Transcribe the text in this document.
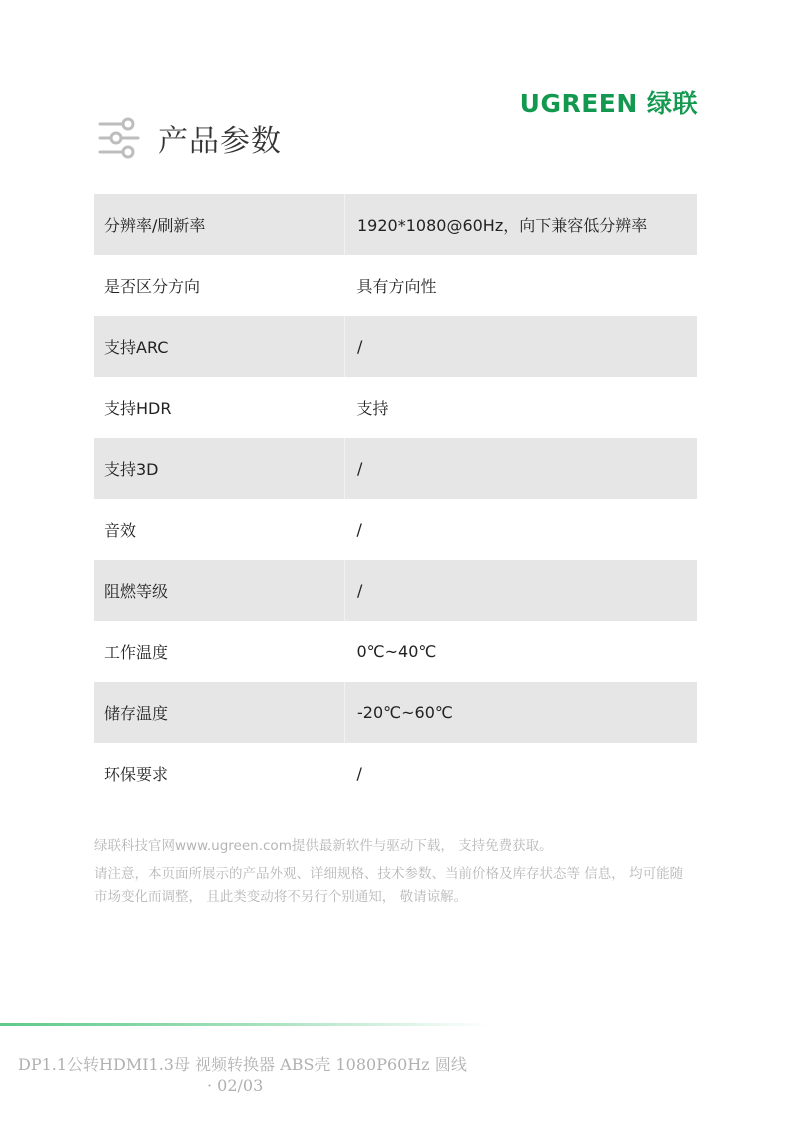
UGREEN 绿联
产品参数
分辨率/刷新率	1920*1080@60Hz，向下兼容低分辨率
是否区分方向	具有方向性
支持ARC	/
支持HDR	支持
支持3D	/
音效	/
阻燃等级	/
工作温度	0℃~40℃
储存温度	-20℃~60℃
环保要求	/

绿联科技官网www.ugreen.com提供最新软件与驱动下载， 支持免费获取。

请注意，本页面所展示的产品外观、详细规格、技术参数、当前价格及库存状态等 信息， 均可能随市场变化而调整， 且此类变动将不另行个别通知， 敬请谅解。

DP1.1公转HDMI1.3母 视频转换器 ABS壳 1080P60Hz 圆线
· 02/03
